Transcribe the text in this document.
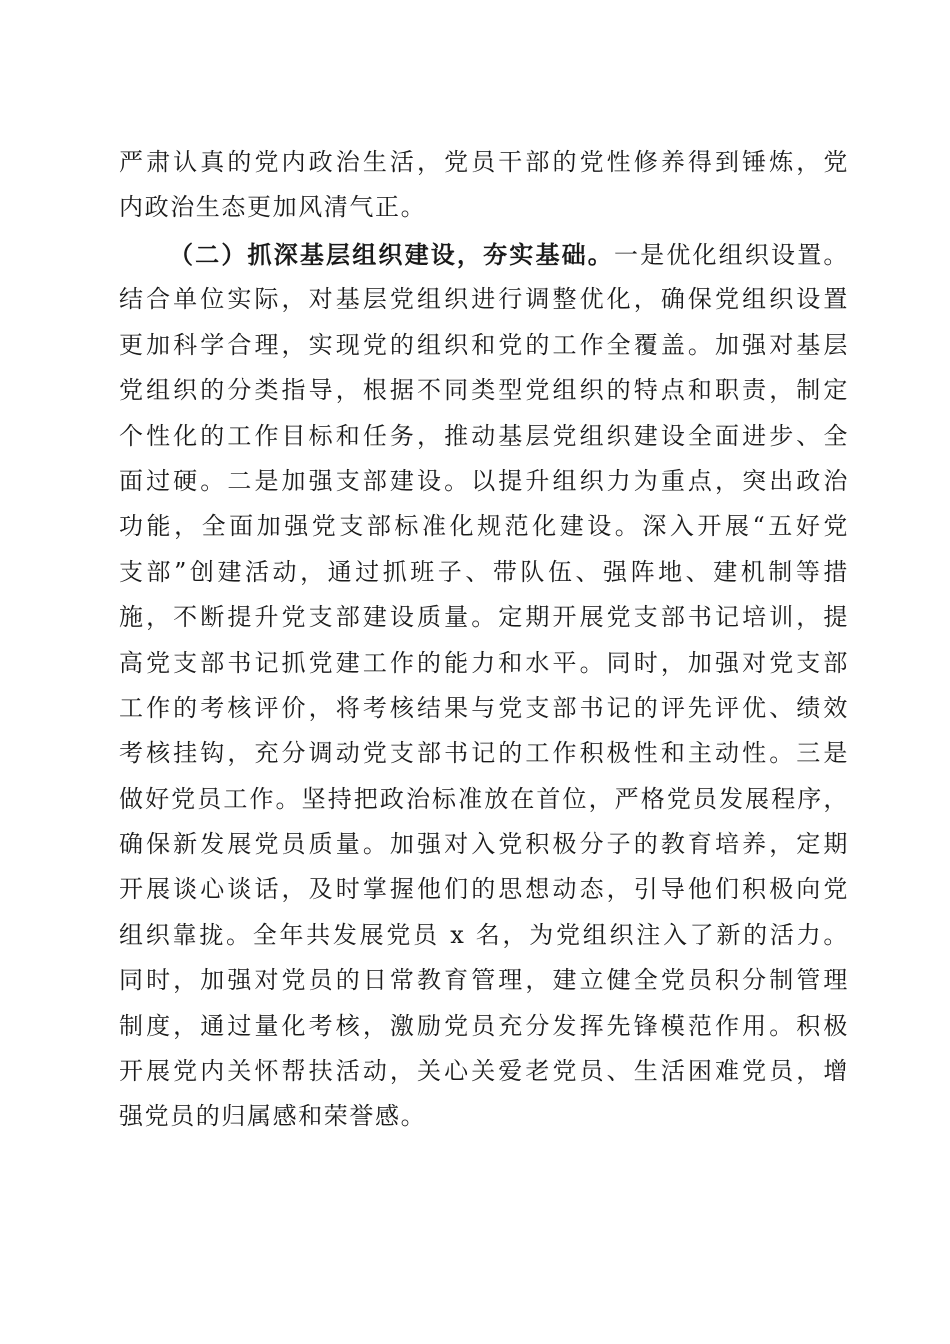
严肃认真的党内政治生活，党员干部的党性修养得到锤炼，党
内政治生态更加风清气正。
（二）抓深基层组织建设，夯实基础。一是优化组织设置。
结合单位实际，对基层党组织进行调整优化，确保党组织设置
更加科学合理，实现党的组织和党的工作全覆盖。加强对基层
党组织的分类指导，根据不同类型党组织的特点和职责，制定
个性化的工作目标和任务，推动基层党组织建设全面进步、全
面过硬。二是加强支部建设。以提升组织力为重点，突出政治
功能，全面加强党支部标准化规范化建设。深入开展“五好党
支部”创建活动，通过抓班子、带队伍、强阵地、建机制等措
施，不断提升党支部建设质量。定期开展党支部书记培训，提
高党支部书记抓党建工作的能力和水平。同时，加强对党支部
工作的考核评价，将考核结果与党支部书记的评先评优、绩效
考核挂钩，充分调动党支部书记的工作积极性和主动性。三是
做好党员工作。坚持把政治标准放在首位，严格党员发展程序，
确保新发展党员质量。加强对入党积极分子的教育培养，定期
开展谈心谈话，及时掌握他们的思想动态，引导他们积极向党
组织靠拢。全年共发展党员 x 名，为党组织注入了新的活力。
同时，加强对党员的日常教育管理，建立健全党员积分制管理
制度，通过量化考核，激励党员充分发挥先锋模范作用。积极
开展党内关怀帮扶活动，关心关爱老党员、生活困难党员，增
强党员的归属感和荣誉感。
